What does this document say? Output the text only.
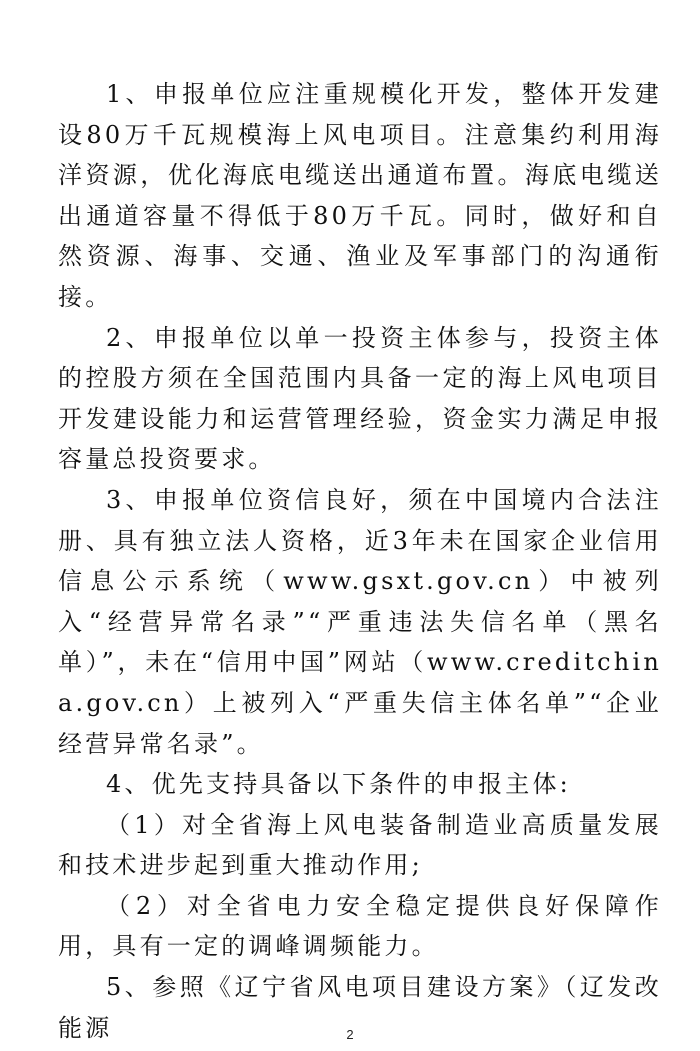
1、申报单位应注重规模化开发，整体开发建设80万千瓦规模海上风电项目。注意集约利用海洋资源，优化海底电缆送出通道布置。海底电缆送出通道容量不得低于80万千瓦。同时，做好和自然资源、海事、交通、渔业及军事部门的沟通衔接。

2、申报单位以单一投资主体参与，投资主体的控股方须在全国范围内具备一定的海上风电项目开发建设能力和运营管理经验，资金实力满足申报容量总投资要求。

3、申报单位资信良好，须在中国境内合法注册、具有独立法人资格，近3年未在国家企业信用信息公示系统（www.gsxt.gov.cn）中被列入“经营异常名录”“严重违法失信名单（黑名单）”，未在“信用中国”网站（www.creditchina.gov.cn）上被列入“严重失信主体名单”“企业经营异常名录”。

4、优先支持具备以下条件的申报主体:

（1）对全省海上风电装备制造业高质量发展和技术进步起到重大推动作用;

（2）对全省电力安全稳定提供良好保障作用，具有一定的调峰调频能力。

5、参照《辽宁省风电项目建设方案》（辽发改能源	2
